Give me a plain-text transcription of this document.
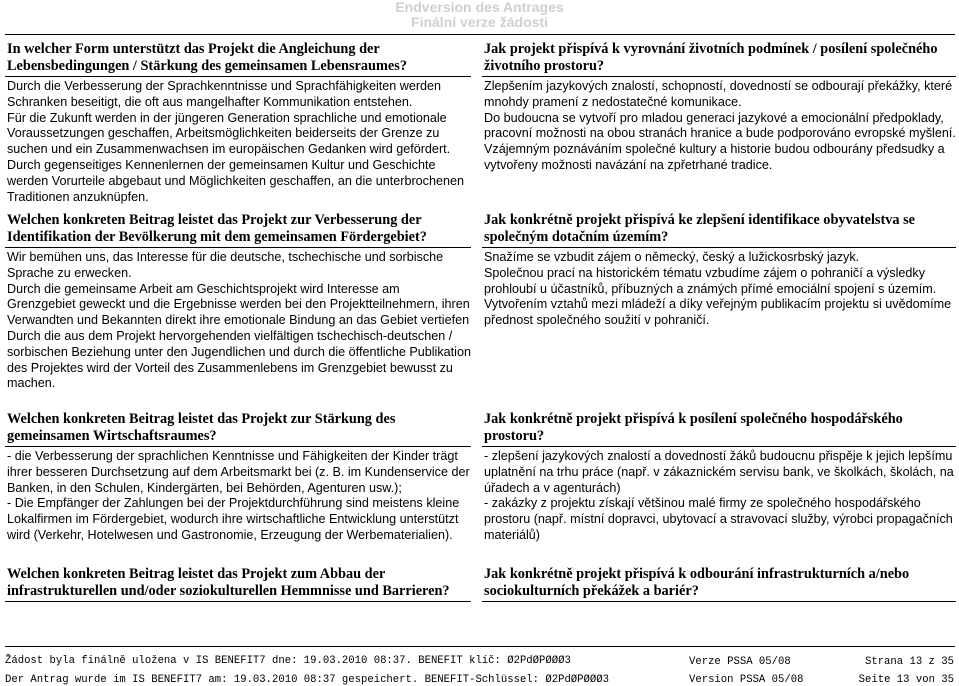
Endversion des Antrages
Finální verze žádosti
In welcher Form unterstützt das Projekt die Angleichung der Lebensbedingungen / Stärkung des gemeinsamen Lebensraumes?

Durch die Verbesserung der Sprachkenntnisse und Sprachfähigkeiten werden Schranken beseitigt, die oft aus mangelhafter Kommunikation entstehen.

Für die Zukunft werden in der jüngeren Generation sprachliche und emotionale Voraussetzungen geschaffen, Arbeitsmöglichkeiten beiderseits der Grenze zu suchen und ein Zusammenwachsen im europäischen Gedanken wird gefördert.

Durch gegenseitiges Kennenlernen der gemeinsamen Kultur und Geschichte werden Vorurteile abgebaut und Möglichkeiten geschaffen, an die unterbrochenen Traditionen anzuknüpfen.

Welchen konkreten Beitrag leistet das Projekt zur Verbesserung der Identifikation der Bevölkerung mit dem gemeinsamen Fördergebiet?

Wir bemühen uns, das Interesse für die deutsche, tschechische und sorbische Sprache zu erwecken.

Durch die gemeinsame Arbeit am Geschichtsprojekt wird Interesse am Grenzgebiet geweckt und die Ergebnisse werden bei den Projektteilnehmern, ihren Verwandten und Bekannten direkt ihre emotionale Bindung an das Gebiet vertiefen

Durch die aus dem Projekt hervorgehenden vielfältigen tschechisch-deutschen / sorbischen Beziehung unter den Jugendlichen und durch die öffentliche Publikation des Projektes wird der Vorteil des Zusammenlebens im Grenzgebiet bewusst zu machen.

Welchen konkreten Beitrag leistet das Projekt zur Stärkung des gemeinsamen Wirtschaftsraumes?

- die Verbesserung der sprachlichen Kenntnisse und Fähigkeiten der Kinder trägt ihrer besseren Durchsetzung auf dem Arbeitsmarkt bei (z. B. im Kundenservice der Banken, in den Schulen, Kindergärten, bei Behörden, Agenturen usw.);

- Die Empfänger der Zahlungen bei der Projektdurchführung sind meistens kleine Lokalfirmen im Fördergebiet, wodurch ihre wirtschaftliche Entwicklung unterstützt wird (Verkehr, Hotelwesen und Gastronomie, Erzeugung der Werbematerialien).

Welchen konkreten Beitrag leistet das Projekt zum Abbau der infrastrukturellen und/oder soziokulturellen Hemmnisse und Barrieren?
Jak projekt přispívá k vyrovnání životních podmínek / posílení společného životního prostoru?

Zlepšením jazykových znalostí, schopností, dovedností se odbourají překážky, které mnohdy pramení z nedostatečné komunikace.

Do budoucna se vytvoří pro mladou generaci jazykové a emocionální předpoklady, pracovní možnosti na obou stranách hranice a bude podporováno evropské myšlení.

Vzájemným poznáváním společné kultury a historie budou odbourány předsudky a vytvořeny možnosti navázání na zpřetrhané tradice.

Jak konkrétně projekt přispívá ke zlepšení identifikace obyvatelstva se společným dotačním územím?

Snažíme se vzbudit zájem o německý, český a lužickosrbský jazyk.

Společnou prací na historickém tématu vzbudíme zájem o pohraničí a výsledky prohloubí u účastníků, příbuzných a známých přímé emociální spojení s územím.

Vytvořením vztahů mezi mládeží a díky veřejným publikacím projektu si uvědomíme přednost společného soužití v pohraničí.

Jak konkrétně projekt přispívá k posílení společného hospodářského prostoru?

- zlepšení jazykových znalostí a dovedností žáků budoucnu přispěje k jejich lepšímu uplatnění na trhu práce (např. v zákaznickém servisu bank, ve školkách, školách, na úřadech a v agenturách)

- zakázky z projektu získají většinou malé firmy ze společného hospodářského prostoru (např. místní dopravci, ubytovací a stravovací služby, výrobci propagačních materiálů)

Jak konkrétně projekt přispívá k odbourání infrastrukturních a/nebo sociokulturních překážek a bariér?
Žádost byla finálně uložena v IS BENEFIT7 dne: 19.03.2010 08:37. BENEFIT klíč: Ø2PdØPØØØ3
Der Antrag wurde im IS BENEFIT7 am: 19.03.2010 08:37 gespeichert. BENEFIT-Schlüssel: Ø2PdØPØØØ3
Verze PSSA 05/08
Version PSSA 05/08
Strana 13 z 35
Seite 13 von 35
